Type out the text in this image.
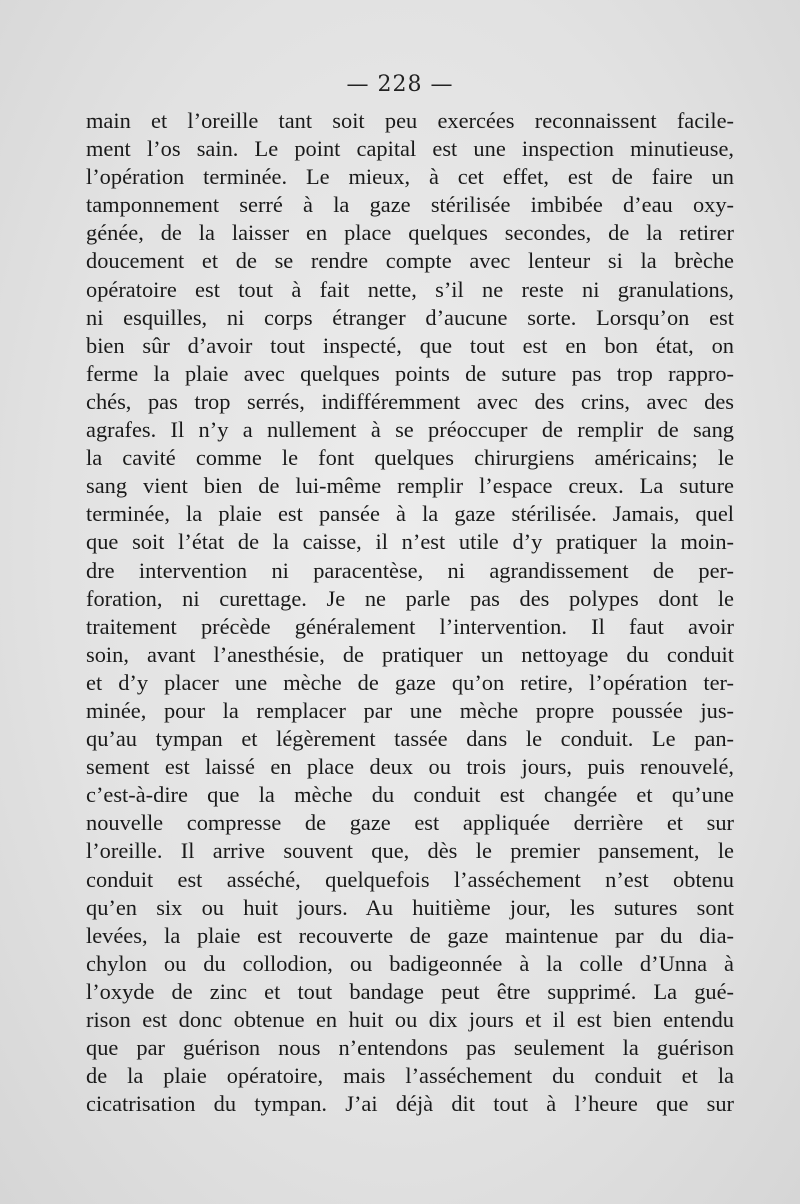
— 228 —
main et l’oreille tant soit peu exercées reconnaissent facile-
ment l’os sain. Le point capital est une inspection minutieuse,
l’opération terminée. Le mieux, à cet effet, est de faire un
tamponnement serré à la gaze stérilisée imbibée d’eau oxy-
génée, de la laisser en place quelques secondes, de la retirer
doucement et de se rendre compte avec lenteur si la brèche
opératoire est tout à fait nette, s’il ne reste ni granulations,
ni esquilles, ni corps étranger d’aucune sorte. Lorsqu’on est
bien sûr d’avoir tout inspecté, que tout est en bon état, on
ferme la plaie avec quelques points de suture pas trop rappro-
chés, pas trop serrés, indifféremment avec des crins, avec des
agrafes. Il n’y a nullement à se préoccuper de remplir de sang
la cavité comme le font quelques chirurgiens américains; le
sang vient bien de lui-même remplir l’espace creux. La suture
terminée, la plaie est pansée à la gaze stérilisée. Jamais, quel
que soit l’état de la caisse, il n’est utile d’y pratiquer la moin-
dre intervention ni paracentèse, ni agrandissement de per-
foration, ni curettage. Je ne parle pas des polypes dont le
traitement précède généralement l’intervention. Il faut avoir
soin, avant l’anesthésie, de pratiquer un nettoyage du conduit
et d’y placer une mèche de gaze qu’on retire, l’opération ter-
minée, pour la remplacer par une mèche propre poussée jus-
qu’au tympan et légèrement tassée dans le conduit. Le pan-
sement est laissé en place deux ou trois jours, puis renouvelé,
c’est-à-dire que la mèche du conduit est changée et qu’une
nouvelle compresse de gaze est appliquée derrière et sur
l’oreille. Il arrive souvent que, dès le premier pansement, le
conduit est asséché, quelquefois l’asséchement n’est obtenu
qu’en six ou huit jours. Au huitième jour, les sutures sont
levées, la plaie est recouverte de gaze maintenue par du dia-
chylon ou du collodion, ou badigeonnée à la colle d’Unna à
l’oxyde de zinc et tout bandage peut être supprimé. La gué-
rison est donc obtenue en huit ou dix jours et il est bien entendu
que par guérison nous n’entendons pas seulement la guérison
de la plaie opératoire, mais l’asséchement du conduit et la
cicatrisation du tympan. J’ai déjà dit tout à l’heure que sur
